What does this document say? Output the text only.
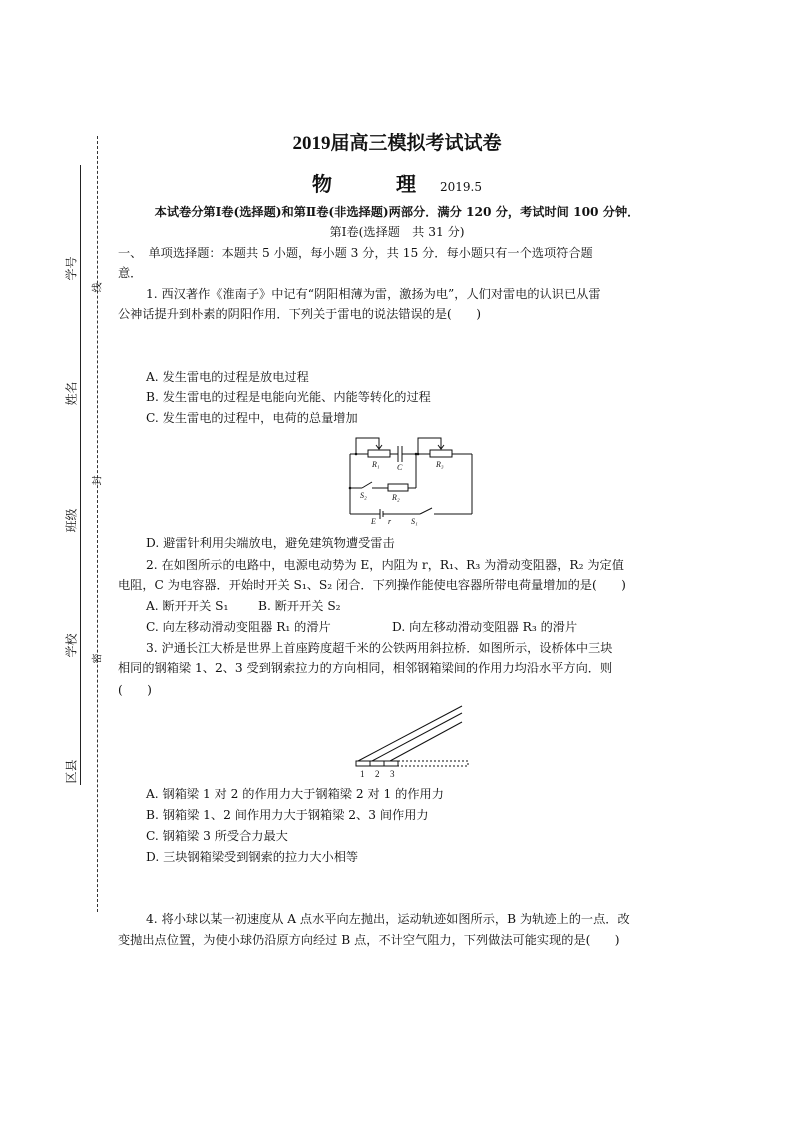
学号
姓名
班级
学校
区县
线
封
密
2019届高三模拟考试试卷
物　理 2019.5
本试卷分第Ⅰ卷(选择题)和第Ⅱ卷(非选择题)两部分．满分 120 分，考试时间 100 分钟．
第Ⅰ卷(选择题　共 31 分)
一、　单项选择题：本题共 5 小题，每小题 3 分，共 15 分．每小题只有一个选项符合题
意．
1. 西汉著作《淮南子》中记有“阴阳相薄为雷，激扬为电”，人们对雷电的认识已从雷
公神话提升到朴素的阴阳作用．下列关于雷电的说法错误的是(　　)
A. 发生雷电的过程是放电过程
B. 发生雷电的过程是电能向光能、内能等转化的过程
C. 发生雷电的过程中，电荷的总量增加
R₁ C	R₃
S₂	R₂
E r S₁
D. 避雷针利用尖端放电，避免建筑物遭受雷击
2. 在如图所示的电路中，电源电动势为 E，内阻为 r，R₁、R₃ 为滑动变阻器，R₂ 为定值
电阻，C 为电容器．开始时开关 S₁、S₂ 闭合．下列操作能使电容器所带电荷量增加的是(　　)
A. 断开开关 S₁ B. 断开开关 S₂
C. 向左移动滑动变阻器 R₁ 的滑片	D. 向左移动滑动变阻器 R₃ 的滑片
3. 沪通长江大桥是世界上首座跨度超千米的公铁两用斜拉桥．如图所示，设桥体中三块
相同的钢箱梁 1、2、3 受到钢索拉力的方向相同，相邻钢箱梁间的作用力均沿水平方向．则
(　　)
1 2 3
A. 钢箱梁 1 对 2 的作用力大于钢箱梁 2 对 1 的作用力
B. 钢箱梁 1、2 间作用力大于钢箱梁 2、3 间作用力
C. 钢箱梁 3 所受合力最大
D. 三块钢箱梁受到钢索的拉力大小相等
4. 将小球以某一初速度从 A 点水平向左抛出，运动轨迹如图所示，B 为轨迹上的一点．改
变抛出点位置，为使小球仍沿原方向经过 B 点，不计空气阻力，下列做法可能实现的是(　　)
